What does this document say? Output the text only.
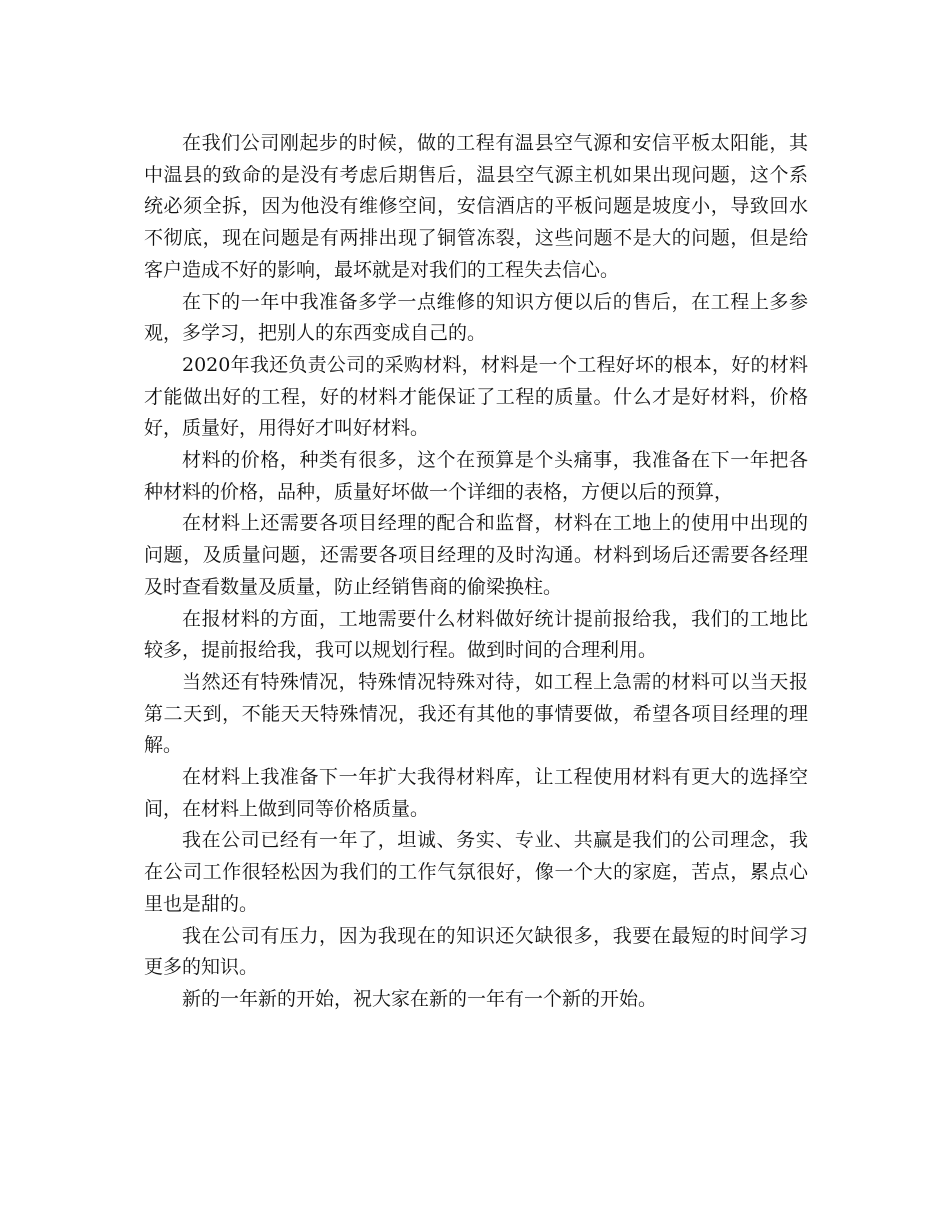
在我们公司刚起步的时候，做的工程有温县空气源和安信平板太阳能，其中温县的致命的是没有考虑后期售后，温县空气源主机如果出现问题，这个系统必须全拆，因为他没有维修空间，安信酒店的平板问题是坡度小，导致回水不彻底，现在问题是有两排出现了铜管冻裂，这些问题不是大的问题，但是给客户造成不好的影响，最坏就是对我们的工程失去信心。

在下的一年中我准备多学一点维修的知识方便以后的售后，在工程上多参观，多学习，把别人的东西变成自己的。

2020年我还负责公司的采购材料，材料是一个工程好坏的根本，好的材料才能做出好的工程，好的材料才能保证了工程的质量。什么才是好材料，价格好，质量好，用得好才叫好材料。

材料的价格，种类有很多，这个在预算是个头痛事，我准备在下一年把各种材料的价格，品种，质量好坏做一个详细的表格，方便以后的预算，

在材料上还需要各项目经理的配合和监督，材料在工地上的使用中出现的问题，及质量问题，还需要各项目经理的及时沟通。材料到场后还需要各经理及时查看数量及质量，防止经销售商的偷梁换柱。

在报材料的方面，工地需要什么材料做好统计提前报给我，我们的工地比较多，提前报给我，我可以规划行程。做到时间的合理利用。

当然还有特殊情况，特殊情况特殊对待，如工程上急需的材料可以当天报第二天到，不能天天特殊情况，我还有其他的事情要做，希望各项目经理的理解。

在材料上我准备下一年扩大我得材料库，让工程使用材料有更大的选择空间，在材料上做到同等价格质量。

我在公司已经有一年了，坦诚、务实、专业、共赢是我们的公司理念，我在公司工作很轻松因为我们的工作气氛很好，像一个大的家庭，苦点，累点心里也是甜的。

我在公司有压力，因为我现在的知识还欠缺很多，我要在最短的时间学习更多的知识。

新的一年新的开始，祝大家在新的一年有一个新的开始。
